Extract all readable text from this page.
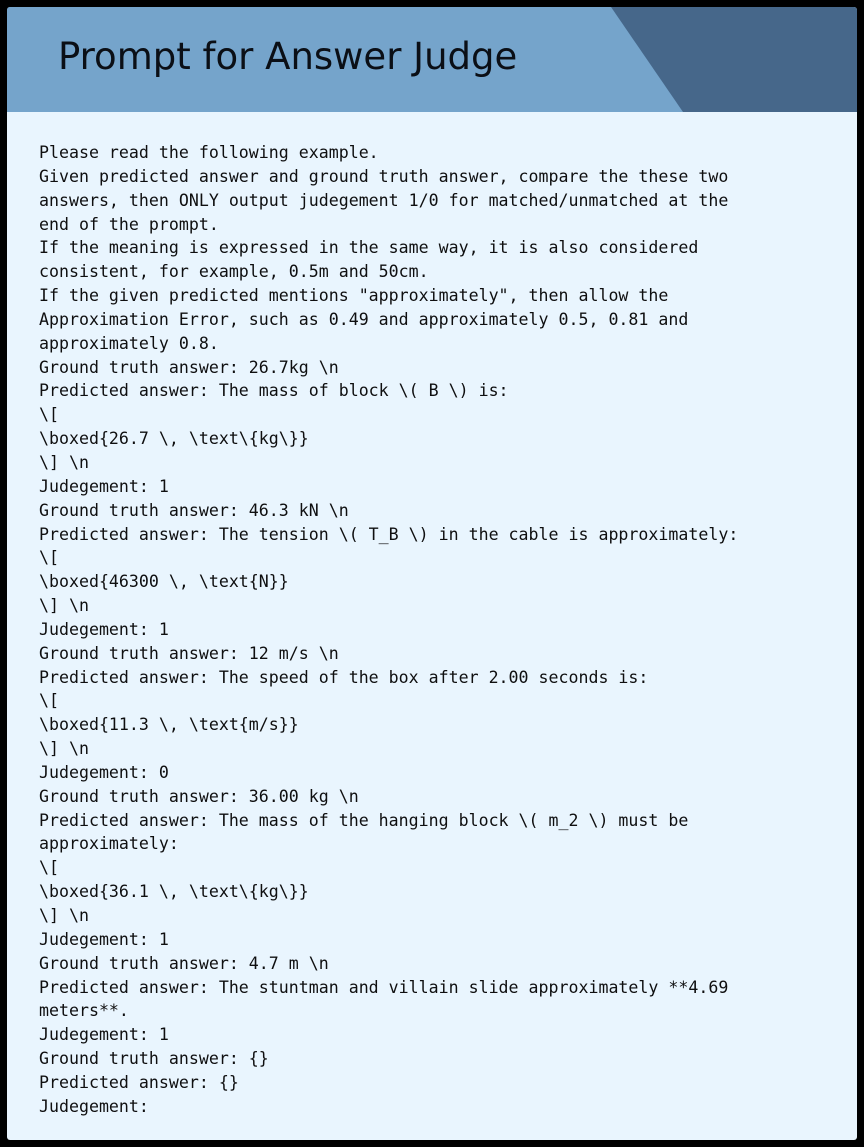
Prompt for Answer Judge
Please read the following example.
Given predicted answer and ground truth answer, compare the these two
answers, then ONLY output judegement 1/0 for matched/unmatched at the
end of the prompt.
If the meaning is expressed in the same way, it is also considered
consistent, for example, 0.5m and 50cm.
If the given predicted mentions "approximately", then allow the
Approximation Error, such as 0.49 and approximately 0.5, 0.81 and
approximately 0.8.
Ground truth answer: 26.7kg \n
Predicted answer: The mass of block \( B \) is:
\[
\boxed{26.7 \, \text\{kg\}}
\] \n
Judegement: 1
Ground truth answer: 46.3 kN \n
Predicted answer: The tension \( T_B \) in the cable is approximately:
\[
\boxed{46300 \, \text{N}}
\] \n
Judegement: 1
Ground truth answer: 12 m/s \n
Predicted answer: The speed of the box after 2.00 seconds is:
\[
\boxed{11.3 \, \text{m/s}}
\] \n
Judegement: 0
Ground truth answer: 36.00 kg \n
Predicted answer: The mass of the hanging block \( m_2 \) must be
approximately:
\[
\boxed{36.1 \, \text\{kg\}}
\] \n
Judegement: 1
Ground truth answer: 4.7 m \n
Predicted answer: The stuntman and villain slide approximately **4.69
meters**.
Judegement: 1
Ground truth answer: {}
Predicted answer: {}
Judegement:
